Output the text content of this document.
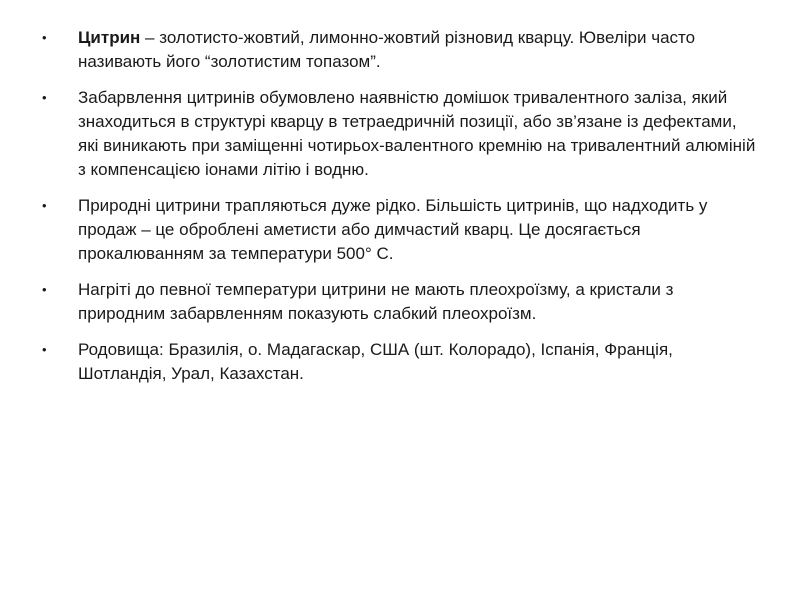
• Цитрин – золотисто-жовтий, лимонно-жовтий різновид кварцу. Ювеліри часто називають його “золотистим топазом”.
• Забарвлення цитринів обумовлено наявністю домішок тривалентного заліза, який знаходиться в структурі кварцу в тетраедричній позиції, або зв’язане із дефектами, які виникають при заміщенні чотирьох-валентного кремнію на тривалентний алюміній з компенсацією іонами літію і водню.
• Природні цитрини трапляються дуже рідко. Більшість цитринів, що надходить у продаж – це оброблені аметисти або димчастий кварц. Це досягається прокалюванням за температури 500° С.
• Нагріті до певної температури цитрини не мають плеохроїзму, а кристали з природним забарвленням показують слабкий плеохроїзм.
• Родовища: Бразилія, о. Мадагаскар, США (шт. Колорадо), Іспанія, Франція, Шотландія, Урал, Казахстан.
